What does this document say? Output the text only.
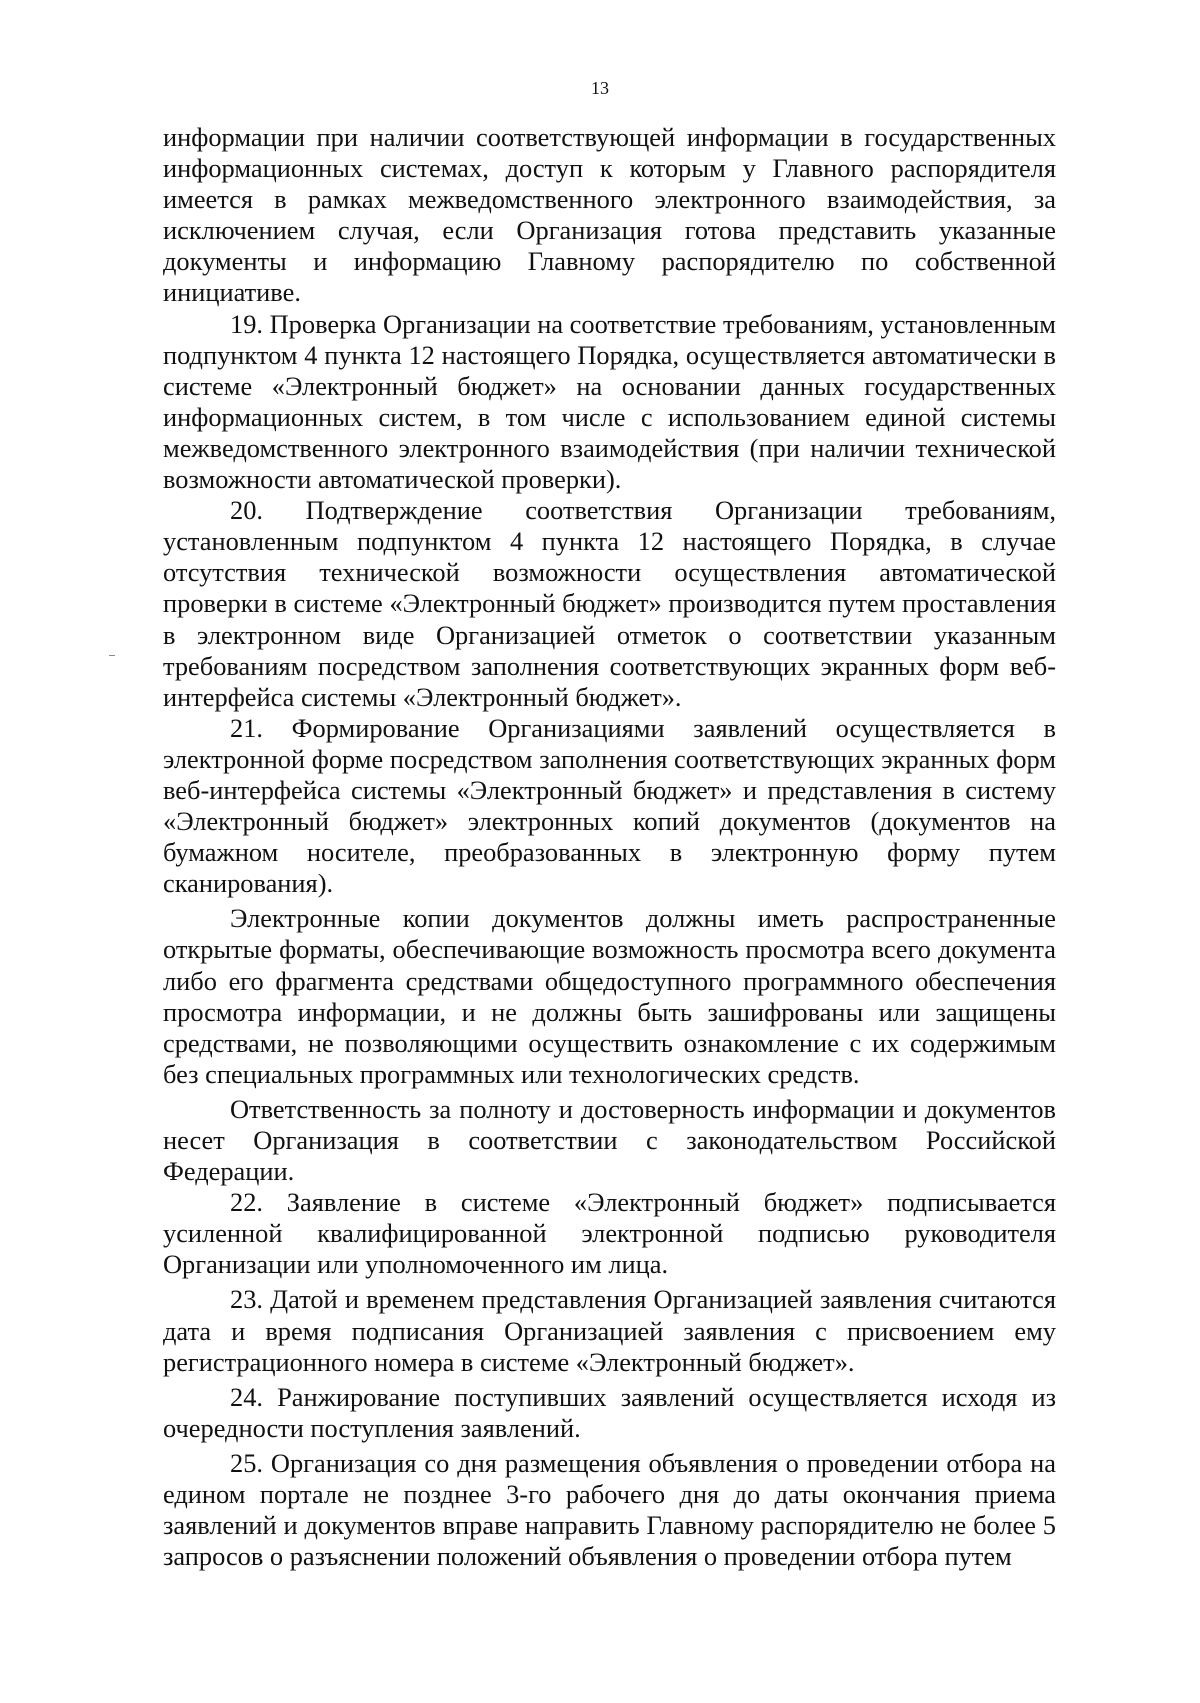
13

информации при наличии соответствующей информации в государственных информационных системах, доступ к которым у Главного распорядителя имеется в рамках межведомственного электронного взаимодействия, за исключением случая, если Организация готова представить указанные документы и информацию Главному распорядителю по собственной инициативе.

19. Проверка Организации на соответствие требованиям, установленным подпунктом 4 пункта 12 настоящего Порядка, осуществляется автоматически в системе «Электронный бюджет» на основании данных государственных информационных систем, в том числе с использованием единой системы межведомственного электронного взаимодействия (при наличии технической возможности автоматической проверки).

20. Подтверждение соответствия Организации требованиям, установленным подпунктом 4 пункта 12 настоящего Порядка, в случае отсутствия технической возможности осуществления автоматической проверки в системе «Электронный бюджет» производится путем проставления в электронном виде Организацией отметок о соответствии указанным требованиям посредством заполнения соответствующих экранных форм веб-интерфейса системы «Электронный бюджет».

21. Формирование Организациями заявлений осуществляется в электронной форме посредством заполнения соответствующих экранных форм веб-интерфейса системы «Электронный бюджет» и представления в систему «Электронный бюджет» электронных копий документов (документов на бумажном носителе, преобразованных в электронную форму путем сканирования).

Электронные копии документов должны иметь распространенные открытые форматы, обеспечивающие возможность просмотра всего документа либо его фрагмента средствами общедоступного программного обеспечения просмотра информации, и не должны быть зашифрованы или защищены средствами, не позволяющими осуществить ознакомление с их содержимым без специальных программных или технологических средств.

Ответственность за полноту и достоверность информации и документов несет Организация в соответствии с законодательством Российской Федерации.

22. Заявление в системе «Электронный бюджет» подписывается усиленной квалифицированной электронной подписью руководителя Организации или уполномоченного им лица.

23. Датой и временем представления Организацией заявления считаются дата и время подписания Организацией заявления с присвоением ему регистрационного номера в системе «Электронный бюджет».

24. Ранжирование поступивших заявлений осуществляется исходя из очередности поступления заявлений.

25. Организация со дня размещения объявления о проведении отбора на едином портале не позднее 3-го рабочего дня до даты окончания приема заявлений и документов вправе направить Главному распорядителю не более 5 запросов о разъяснении положений объявления о проведении отбора путем
